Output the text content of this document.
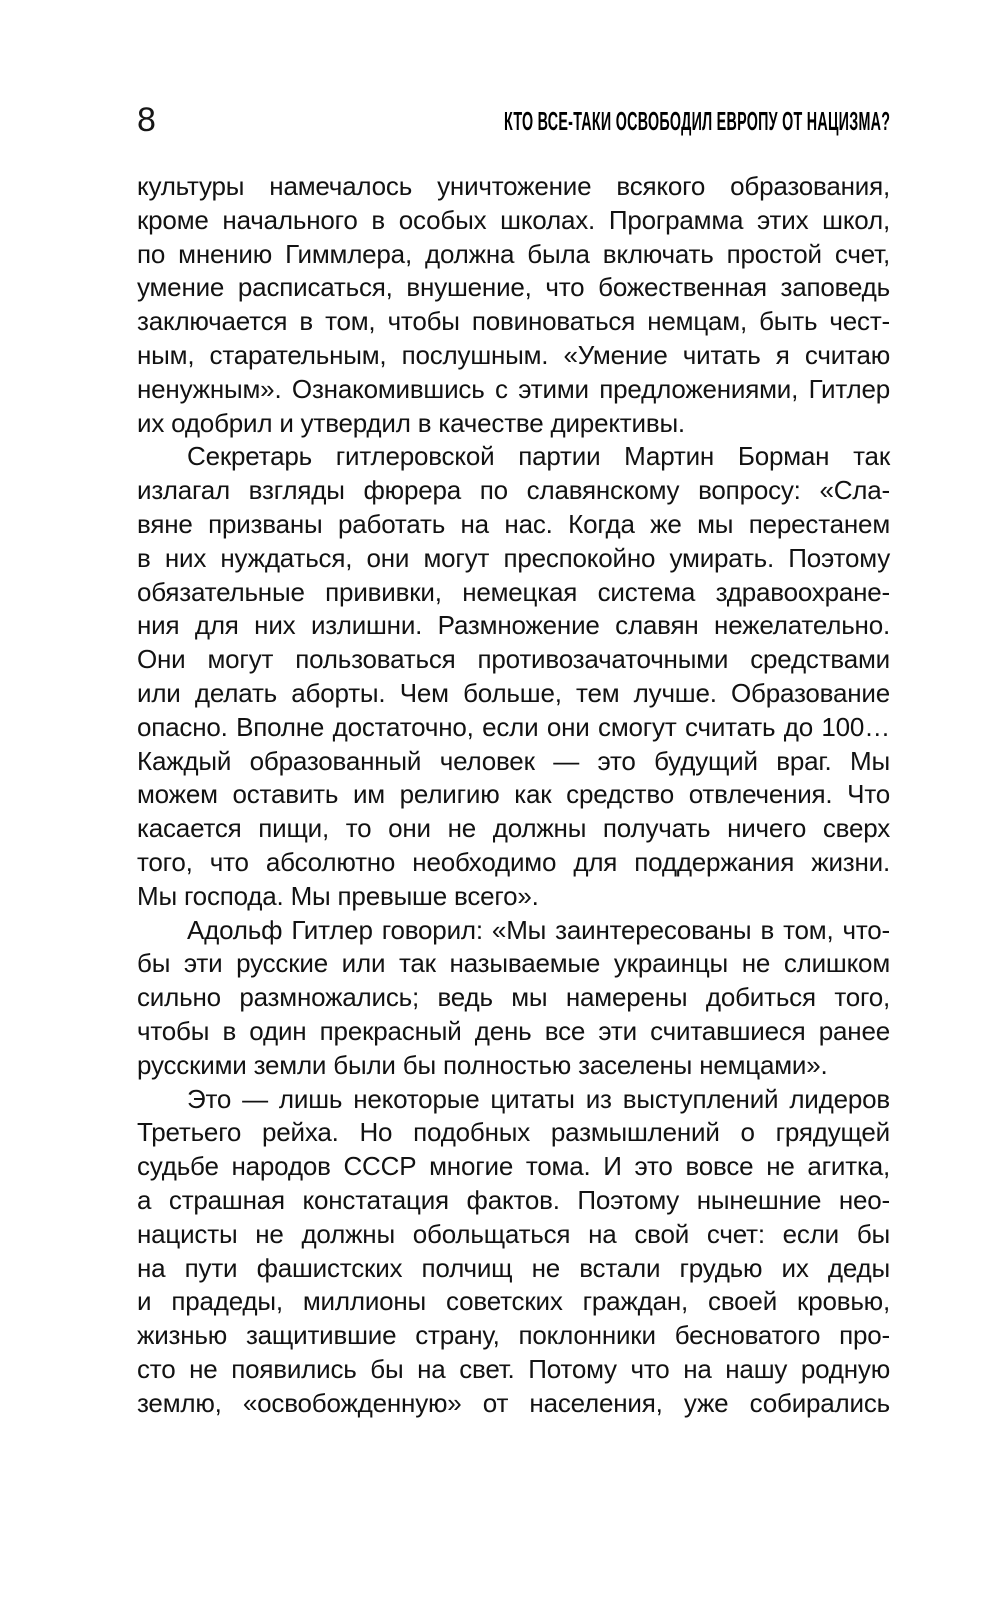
8	КТО ВСЕ-ТАКИ ОСВОБОДИЛ ЕВРОПУ ОТ НАЦИЗМА?
культуры намечалось уничтожение всякого образования,
кроме начального в особых школах. Программа этих школ,
по мнению Гиммлера, должна была включать простой счет,
умение расписаться, внушение, что божественная заповедь
заключается в том, чтобы повиноваться немцам, быть чест-
ным, старательным, послушным. «Умение читать я считаю
ненужным». Ознакомившись с этими предложениями, Гитлер
их одобрил и утвердил в качестве директивы.
Секретарь гитлеровской партии Мартин Борман так
излагал взгляды фюрера по славянскому вопросу: «Сла-
вяне призваны работать на нас. Когда же мы перестанем
в них нуждаться, они могут преспокойно умирать. Поэтому
обязательные прививки, немецкая система здравоохране-
ния для них излишни. Размножение славян нежелательно.
Они могут пользоваться противозачаточными средствами
или делать аборты. Чем больше, тем лучше. Образование
опасно. Вполне достаточно, если они смогут считать до 100…
Каждый образованный человек — это будущий враг. Мы
можем оставить им религию как средство отвлечения. Что
касается пищи, то они не должны получать ничего сверх
того, что абсолютно необходимо для поддержания жизни.
Мы господа. Мы превыше всего».
Адольф Гитлер говорил: «Мы заинтересованы в том, что-
бы эти русские или так называемые украинцы не слишком
сильно размножались; ведь мы намерены добиться того,
чтобы в один прекрасный день все эти считавшиеся ранее
русскими земли были бы полностью заселены немцами».
Это — лишь некоторые цитаты из выступлений лидеров
Третьего рейха. Но подобных размышлений о грядущей
судьбе народов СССР многие тома. И это вовсе не агитка,
а страшная констатация фактов. Поэтому нынешние нео-
нацисты не должны обольщаться на свой счет: если бы
на пути фашистских полчищ не встали грудью их деды
и прадеды, миллионы советских граждан, своей кровью,
жизнью защитившие страну, поклонники бесноватого про-
сто не появились бы на свет. Потому что на нашу родную
землю, «освобожденную» от населения, уже собирались
